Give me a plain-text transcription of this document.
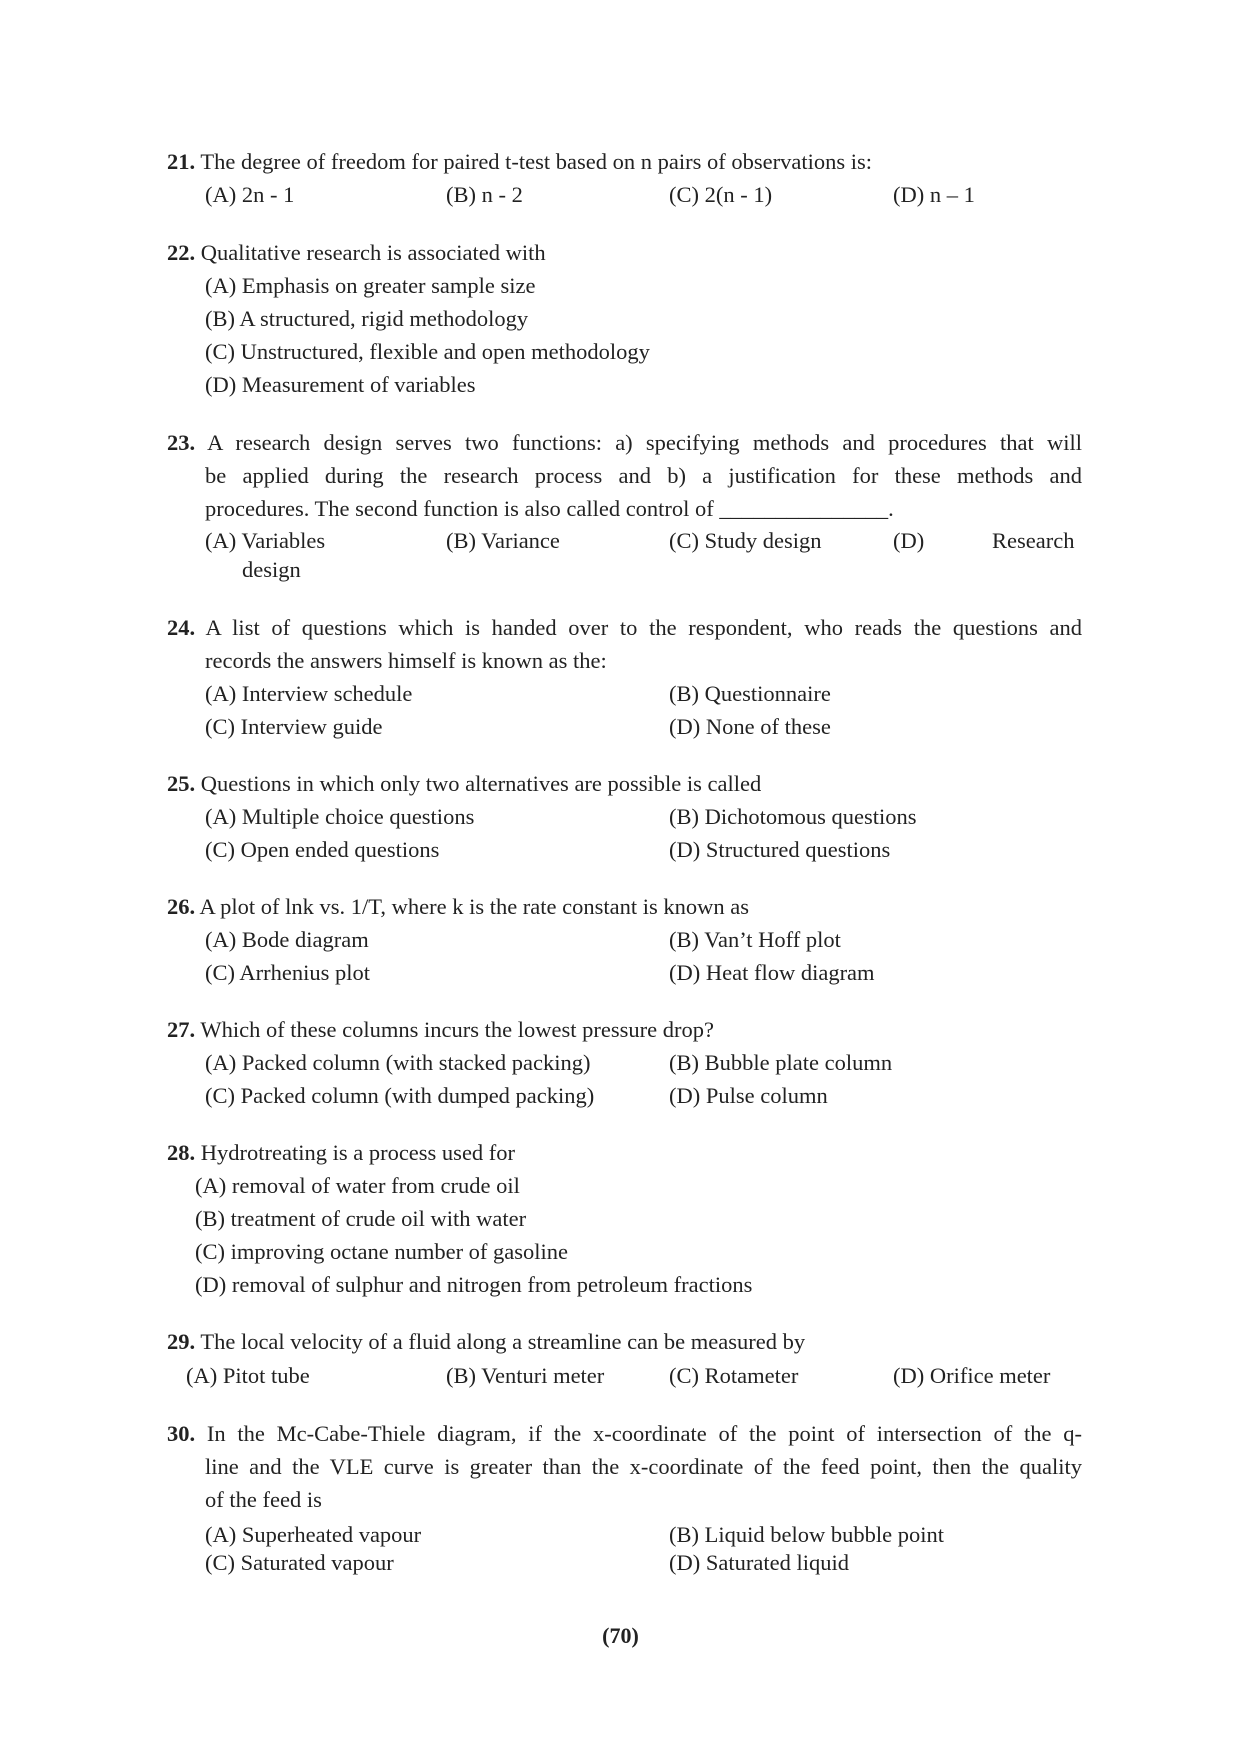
21. The degree of freedom for paired t-test based on n pairs of observations is:
(A) 2n - 1	(B) n - 2	(C) 2(n - 1)	(D) n – 1
22. Qualitative research is associated with
(A) Emphasis on greater sample size
(B) A structured, rigid methodology
(C) Unstructured, flexible and open methodology
(D) Measurement of variables
23. A research design serves two functions: a) specifying methods and procedures that will
be applied during the research process and b) a justification for these methods and
procedures. The second function is also called control of _______________.
(A) Variables	(B) Variance	(C) Study design	(D)	Research
design
24. A list of questions which is handed over to the respondent, who reads the questions and
records the answers himself is known as the:
(A) Interview schedule	(B) Questionnaire
(C) Interview guide	(D) None of these
25. Questions in which only two alternatives are possible is called
(A) Multiple choice questions	(B) Dichotomous questions
(C) Open ended questions	(D) Structured questions
26. A plot of lnk vs. 1/T, where k is the rate constant is known as
(A) Bode diagram	(B) Van’t Hoff plot
(C) Arrhenius plot	(D) Heat flow diagram
27. Which of these columns incurs the lowest pressure drop?
(A) Packed column (with stacked packing)	(B) Bubble plate column
(C) Packed column (with dumped packing)	(D) Pulse column
28. Hydrotreating is a process used for
(A) removal of water from crude oil
(B) treatment of crude oil with water
(C) improving octane number of gasoline
(D) removal of sulphur and nitrogen from petroleum fractions
29. The local velocity of a fluid along a streamline can be measured by
(A) Pitot tube	(B) Venturi meter	(C) Rotameter	(D) Orifice meter
30. In the Mc-Cabe-Thiele diagram, if the x-coordinate of the point of intersection of the q-
line and the VLE curve is greater than the x-coordinate of the feed point, then the quality
of the feed is
(A) Superheated vapour	(B) Liquid below bubble point
(C) Saturated vapour	(D) Saturated liquid
(70)
